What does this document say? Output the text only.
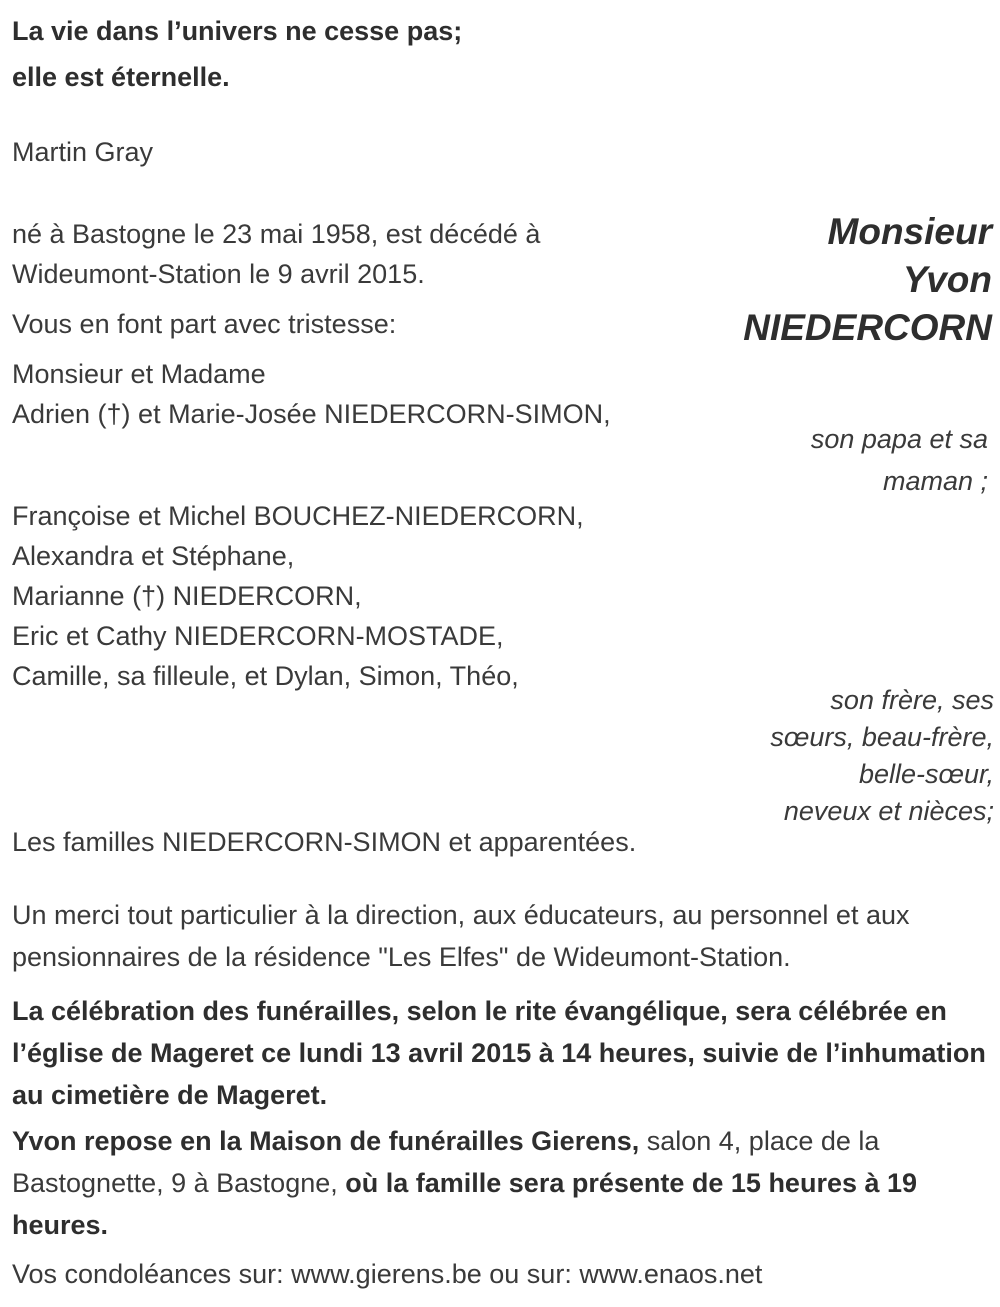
La vie dans l’univers ne cesse pas;
elle est éternelle.
Martin Gray
né à Bastogne le 23 mai 1958, est décédé à
Wideumont-Station le 9 avril 2015.
Monsieur
Yvon
NIEDERCORN
Vous en font part avec tristesse:
Monsieur et Madame
Adrien (†) et Marie-Josée NIEDERCORN-SIMON,
son papa et sa
maman ;
Françoise et Michel BOUCHEZ-NIEDERCORN,
Alexandra et Stéphane,
Marianne (†) NIEDERCORN,
Eric et Cathy NIEDERCORN-MOSTADE,
Camille, sa filleule, et Dylan, Simon, Théo,
son frère, ses
sœurs, beau-frère,
belle-sœur,
neveux et nièces;
Les familles NIEDERCORN-SIMON et apparentées.
Un merci tout particulier à la direction, aux éducateurs, au personnel et aux pensionnaires de la résidence "Les Elfes" de Wideumont-Station.
La célébration des funérailles, selon le rite évangélique, sera célébrée en l’église de Mageret ce lundi 13 avril 2015 à 14 heures, suivie de l’inhumation au cimetière de Mageret.
Yvon repose en la Maison de funérailles Gierens, salon 4, place de la Bastognette, 9 à Bastogne, où la famille sera présente de 15 heures à 19 heures.
Vos condoléances sur: www.gierens.be ou sur: www.enaos.net
